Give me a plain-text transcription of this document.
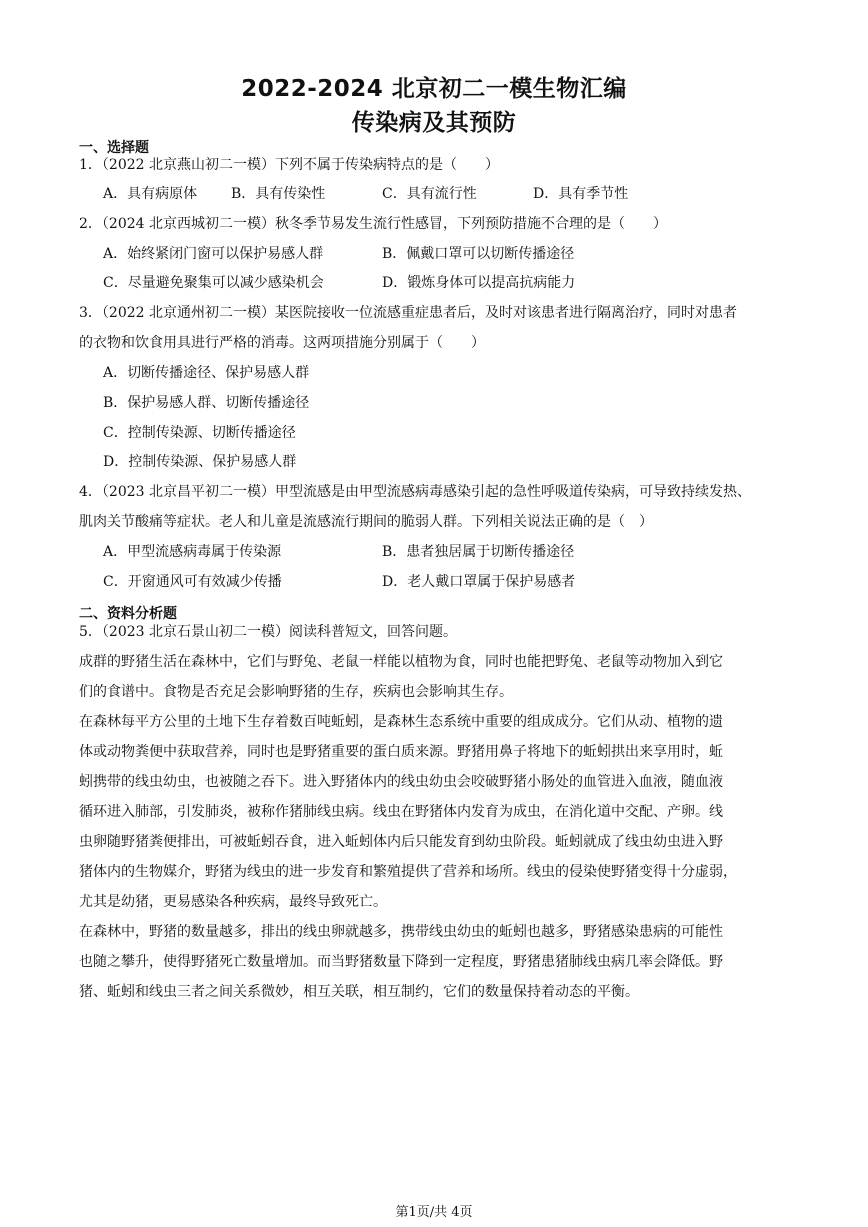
2022-2024 北京初二一模生物汇编
传染病及其预防
一、选择题
1．（2022 北京燕山初二一模）下列不属于传染病特点的是（　　）
A．具有病原体 B．具有传染性	C．具有流行性	D．具有季节性
2．（2024 北京西城初二一模）秋冬季节易发生流行性感冒，下列预防措施不合理的是（　　）
A．始终紧闭门窗可以保护易感人群	B．佩戴口罩可以切断传播途径
C．尽量避免聚集可以减少感染机会	D．锻炼身体可以提高抗病能力
3．（2022 北京通州初二一模）某医院接收一位流感重症患者后，及时对该患者进行隔离治疗，同时对患者
的衣物和饮食用具进行严格的消毒。这两项措施分别属于（　　）
A．切断传播途径、保护易感人群
B．保护易感人群、切断传播途径
C．控制传染源、切断传播途径
D．控制传染源、保护易感人群
4．（2023 北京昌平初二一模）甲型流感是由甲型流感病毒感染引起的急性呼吸道传染病，可导致持续发热、
肌肉关节酸痛等症状。老人和儿童是流感流行期间的脆弱人群。下列相关说法正确的是（　）
A．甲型流感病毒属于传染源	B．患者独居属于切断传播途径
C．开窗通风可有效减少传播	D．老人戴口罩属于保护易感者
二、资料分析题
5．（2023 北京石景山初二一模）阅读科普短文，回答问题。
成群的野猪生活在森林中，它们与野兔、老鼠一样能以植物为食，同时也能把野兔、老鼠等动物加入到它
们的食谱中。食物是否充足会影响野猪的生存，疾病也会影响其生存。
在森林每平方公里的土地下生存着数百吨蚯蚓，是森林生态系统中重要的组成成分。它们从动、植物的遗
体或动物粪便中获取营养，同时也是野猪重要的蛋白质来源。野猪用鼻子将地下的蚯蚓拱出来享用时，蚯
蚓携带的线虫幼虫，也被随之吞下。进入野猪体内的线虫幼虫会咬破野猪小肠处的血管进入血液，随血液
循环进入肺部，引发肺炎，被称作猪肺线虫病。线虫在野猪体内发育为成虫，在消化道中交配、产卵。线
虫卵随野猪粪便排出，可被蚯蚓吞食，进入蚯蚓体内后只能发育到幼虫阶段。蚯蚓就成了线虫幼虫进入野
猪体内的生物媒介，野猪为线虫的进一步发育和繁殖提供了营养和场所。线虫的侵染使野猪变得十分虚弱，
尤其是幼猪，更易感染各种疾病，最终导致死亡。
在森林中，野猪的数量越多，排出的线虫卵就越多，携带线虫幼虫的蚯蚓也越多，野猪感染患病的可能性
也随之攀升，使得野猪死亡数量增加。而当野猪数量下降到一定程度，野猪患猪肺线虫病几率会降低。野
猪、蚯蚓和线虫三者之间关系微妙，相互关联，相互制约，它们的数量保持着动态的平衡。
第1页/共 4页
